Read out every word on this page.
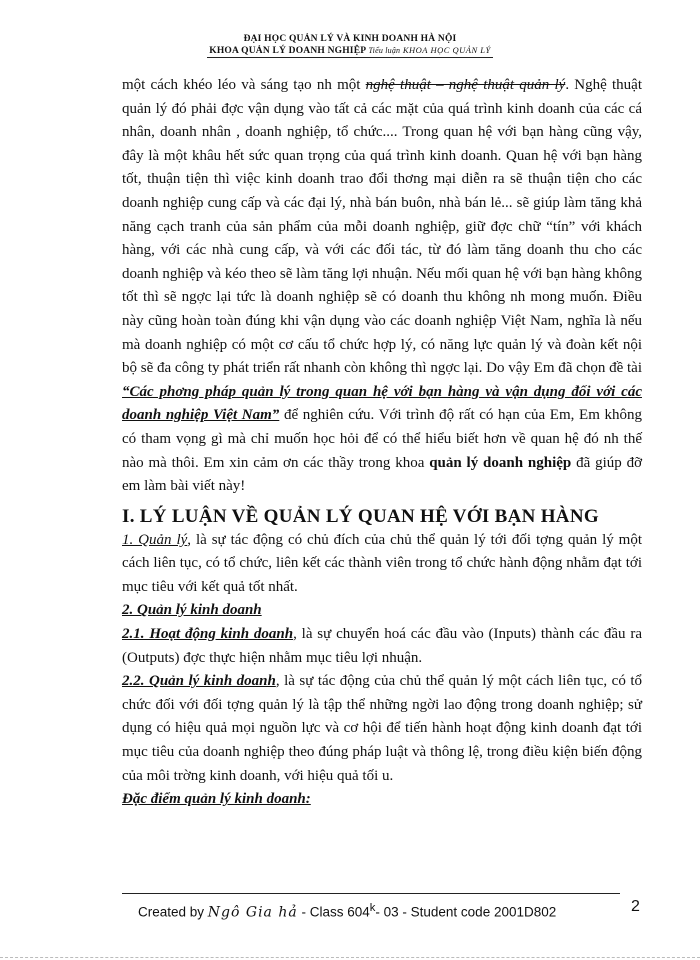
ĐẠI HỌC QUẢN LÝ VÀ KINH DOANH HÀ NỘI
KHOA QUẢN LÝ DOANH NGHIỆP Tiểu luận KHOA HỌC QUẢN LÝ

một cách khéo léo và sáng tạo nh một nghệ thuật – nghệ thuật quản lý. Nghệ thuật quản lý đó phải đợc vận dụng vào tất cả các mặt của quá trình kinh doanh của các cá nhân, doanh nhân , doanh nghiệp, tổ chức.... Trong quan hệ với bạn hàng cũng vậy, đây là một khâu hết sức quan trọng của quá trình kinh doanh. Quan hệ với bạn hàng tốt, thuận tiện thì việc kinh doanh trao đổi thơng mại diễn ra sẽ thuận tiện cho các doanh nghiệp cung cấp và các đại lý, nhà bán buôn, nhà bán lẻ... sẽ giúp làm tăng khả năng cạch tranh của sản phẩm của mỗi doanh nghiệp, giữ đợc chữ “tín” với khách hàng, với các nhà cung cấp, và với các đối tác, từ đó làm tăng doanh thu cho các doanh nghiệp và kéo theo sẽ làm tăng lợi nhuận. Nếu mối quan hệ với bạn hàng không tốt thì sẽ ngợc lại tức là doanh nghiệp sẽ có doanh thu không nh mong muốn. Điều này cũng hoàn toàn đúng khi vận dụng vào các doanh nghiệp Việt Nam, nghĩa là nếu mà doanh nghiệp có một cơ cấu tổ chức hợp lý, có năng lực quản lý và đoàn kết nội bộ sẽ đa công ty phát triển rất nhanh còn không thì ngợc lại. Do vậy Em đã chọn đề tài “Các phơng pháp quản lý trong quan hệ với bạn hàng và vận dụng đối với các doanh nghiệp Việt Nam” để nghiên cứu. Với trình độ rất có hạn của Em, Em không có tham vọng gì mà chỉ muốn học hỏi để có thể hiểu biết hơn về quan hệ đó nh thế nào mà thôi. Em xin cảm ơn các thầy trong khoa quản lý doanh nghiệp đã giúp đỡ em làm bài viết này!

I. LÝ LUẬN VỀ QUẢN LÝ QUAN HỆ VỚI BẠN HÀNG

1. Quản lý, là sự tác động có chủ đích của chủ thể quản lý tới đối tợng quản lý một cách liên tục, có tổ chức, liên kết các thành viên trong tổ chức hành động nhằm đạt tới mục tiêu với kết quả tốt nhất.

2. Quản lý kinh doanh

2.1. Hoạt động kinh doanh, là sự chuyển hoá các đầu vào (Inputs) thành các đầu ra (Outputs) đợc thực hiện nhằm mục tiêu lợi nhuận.

2.2. Quản lý kinh doanh, là sự tác động của chủ thể quản lý một cách liên tục, có tổ chức đối với đối tợng quản lý là tập thể những ngời lao động trong doanh nghiệp; sử dụng có hiệu quả mọi nguồn lực và cơ hội để tiến hành hoạt động kinh doanh đạt tới mục tiêu của doanh nghiệp theo đúng pháp luật và thông lệ, trong điều kiện biến động của môi trờng kinh doanh, với hiệu quả tối u.

Đặc điểm quản lý kinh doanh:

Created by Ngô Gia hả - Class 604$^k$- 03 - Student code 2001D802	2
